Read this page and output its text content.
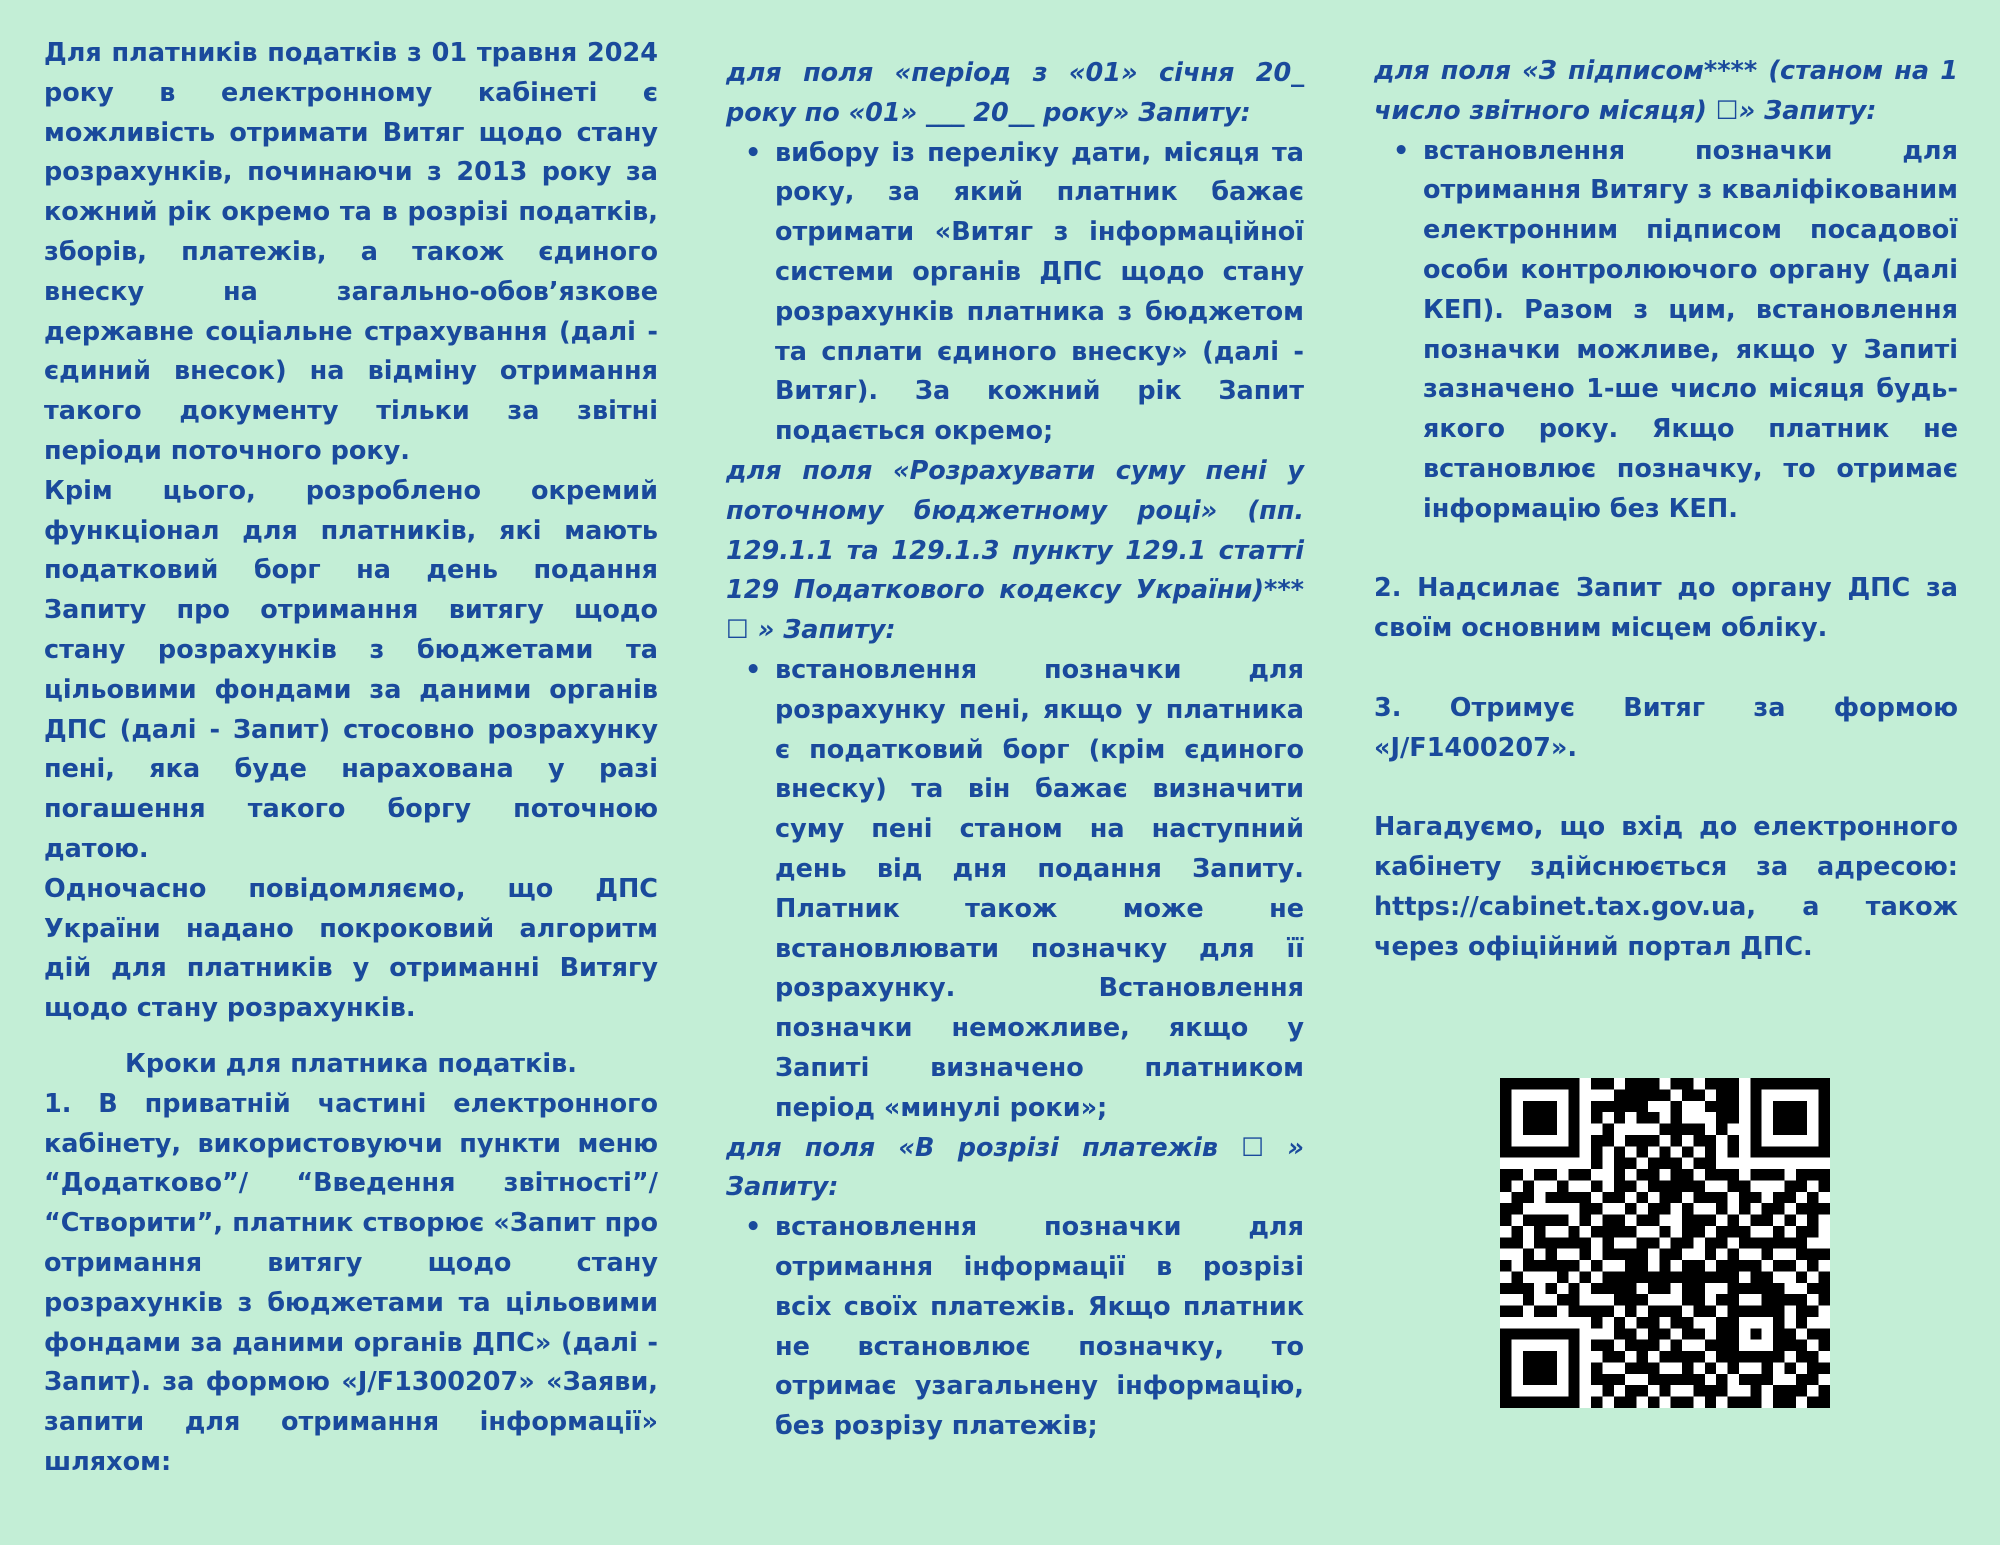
Для платників податків з 01 травня 2024 року в електронному кабінеті є можливість отримати Витяг щодо стану розрахунків, починаючи з 2013 року за кожний рік окремо та в розрізі податків, зборів, платежів, а також єдиного внеску на загально-обов’язкове державне соціальне страхування (далі - єдиний внесок) на відміну отримання такого документу тільки за звітні періоди поточного року.

Крім цього, розроблено окремий функціонал для платників, які мають податковий борг на день подання Запиту про отримання витягу щодо стану розрахунків з бюджетами та цільовими фондами за даними органів ДПС (далі - Запит) стосовно розрахунку пені, яка буде нарахована у разі погашення такого боргу поточною датою.

Одночасно повідомляємо, що ДПС України надано покроковий алгоритм дій для платників у отриманні Витягу щодо стану розрахунків.

Кроки для платника податків.

1. В приватній частині електронного кабінету, використовуючи пункти меню “Додатково”/ “Введення звітності”/ “Створити”, платник створює «Запит про отримання витягу щодо стану розрахунків з бюджетами та цільовими фондами за даними органів ДПС» (далі - Запит). за формою «J/F1300207» «Заяви, запити для отримання інформації» шляхом:

для поля «період з «01» січня 20_ року по «01» ___ 20__ року» Запиту:

• вибору із переліку дати, місяця та року, за який платник бажає отримати «Витяг з інформаційної системи органів ДПС щодо стану розрахунків платника з бюджетом та сплати єдиного внеску» (далі - Витяг). За кожний рік Запит подається окремо;

для поля «Розрахувати суму пені у поточному бюджетному році» (пп. 129.1.1 та 129.1.3 пункту 129.1 статті 129 Податкового кодексу України)*** ☐ » Запиту:

• встановлення позначки для розрахунку пені, якщо у платника є податковий борг (крім єдиного внеску) та він бажає визначити суму пені станом на наступний день від дня подання Запиту. Платник також може не встановлювати позначку для її розрахунку. Встановлення позначки неможливе, якщо у Запиті визначено платником період «минулі роки»;

для поля «В розрізі платежів ☐ » Запиту:

• встановлення позначки для отримання інформації в розрізі всіх своїх платежів. Якщо платник не встановлює позначку, то отримає узагальнену інформацію, без розрізу платежів;

для поля «З підписом**** (станом на 1 число звітного місяця) ☐» Запиту:

• встановлення позначки для отримання Витягу з кваліфікованим електронним підписом посадової особи контролюючого органу (далі КЕП). Разом з цим, встановлення позначки можливе, якщо у Запиті зазначено 1-ше число місяця будь-якого року. Якщо платник не встановлює позначку, то отримає інформацію без КЕП.

2. Надсилає Запит до органу ДПС за своїм основним місцем обліку.

3. Отримує Витяг за формою «J/F1400207».

Нагадуємо, що вхід до електронного кабінету здійснюється за адресою: https://cabinet.tax.gov.ua, а також через офіційний портал ДПС.
